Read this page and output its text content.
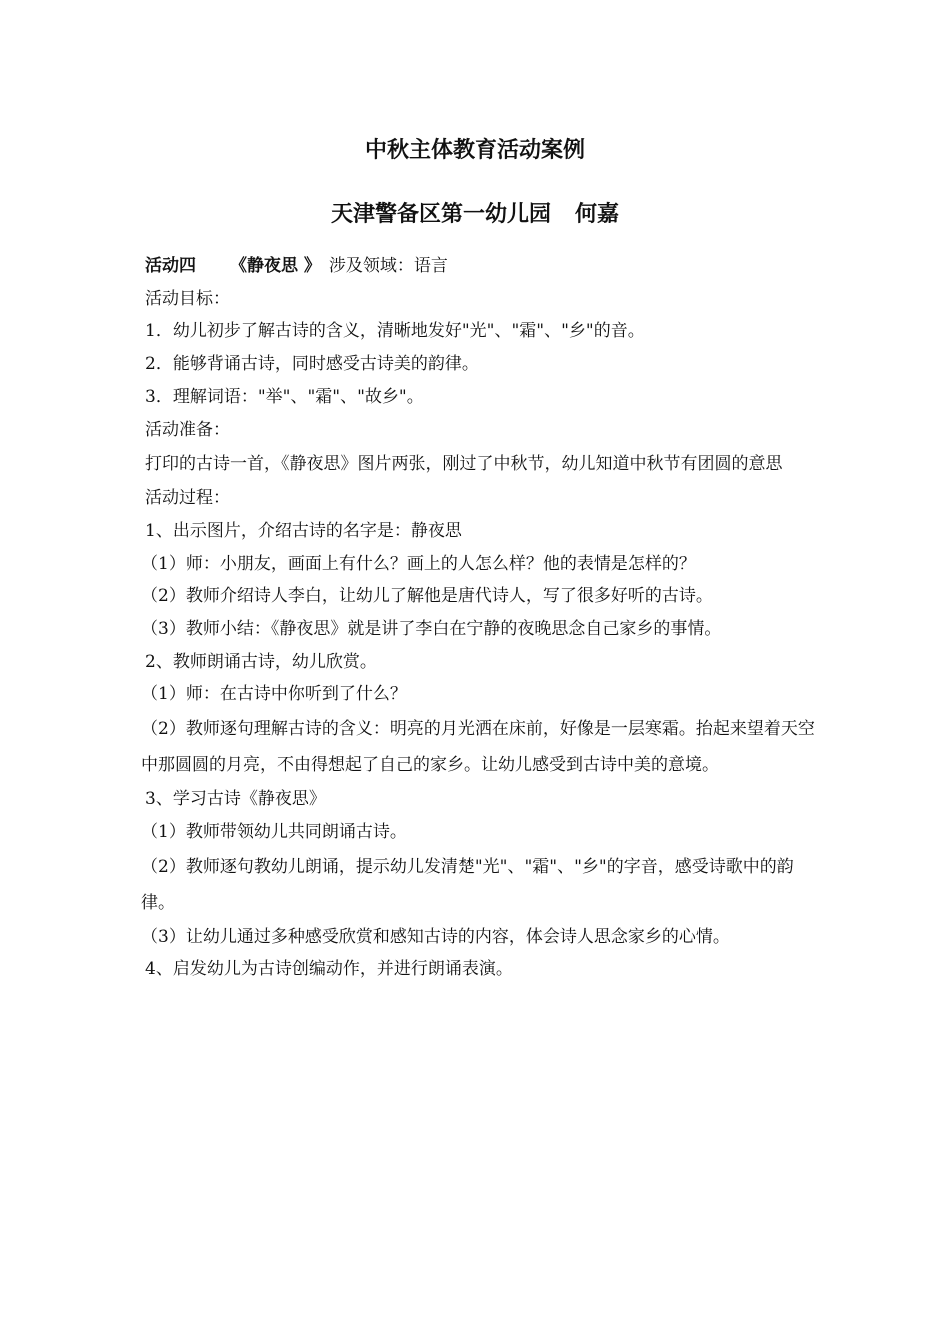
中秋主体教育活动案例
天津警备区第一幼儿园 何嘉

活动四 《静夜思 》 涉及领域：语言

活动目标：

1．幼儿初步了解古诗的含义，清晰地发好"光"、"霜"、"乡"的音。

2．能够背诵古诗，同时感受古诗美的韵律。

3．理解词语："举"、"霜"、"故乡"。

活动准备：

打印的古诗一首，《静夜思》图片两张，刚过了中秋节，幼儿知道中秋节有团圆的意思

活动过程：

1、出示图片，介绍古诗的名字是：静夜思

（1）师：小朋友，画面上有什么？画上的人怎么样？他的表情是怎样的？

（2）教师介绍诗人李白，让幼儿了解他是唐代诗人，写了很多好听的古诗。

（3）教师小结：《静夜思》就是讲了李白在宁静的夜晚思念自己家乡的事情。

2、教师朗诵古诗，幼儿欣赏。

（1）师：在古诗中你听到了什么？

（2）教师逐句理解古诗的含义：明亮的月光洒在床前，好像是一层寒霜。抬起来望着天空中那圆圆的月亮，不由得想起了自己的家乡。让幼儿感受到古诗中美的意境。

3、学习古诗《静夜思》

（1）教师带领幼儿共同朗诵古诗。

（2）教师逐句教幼儿朗诵，提示幼儿发清楚"光"、"霜"、"乡"的字音，感受诗歌中的韵律。

（3）让幼儿通过多种感受欣赏和感知古诗的内容，体会诗人思念家乡的心情。

4、启发幼儿为古诗创编动作，并进行朗诵表演。
